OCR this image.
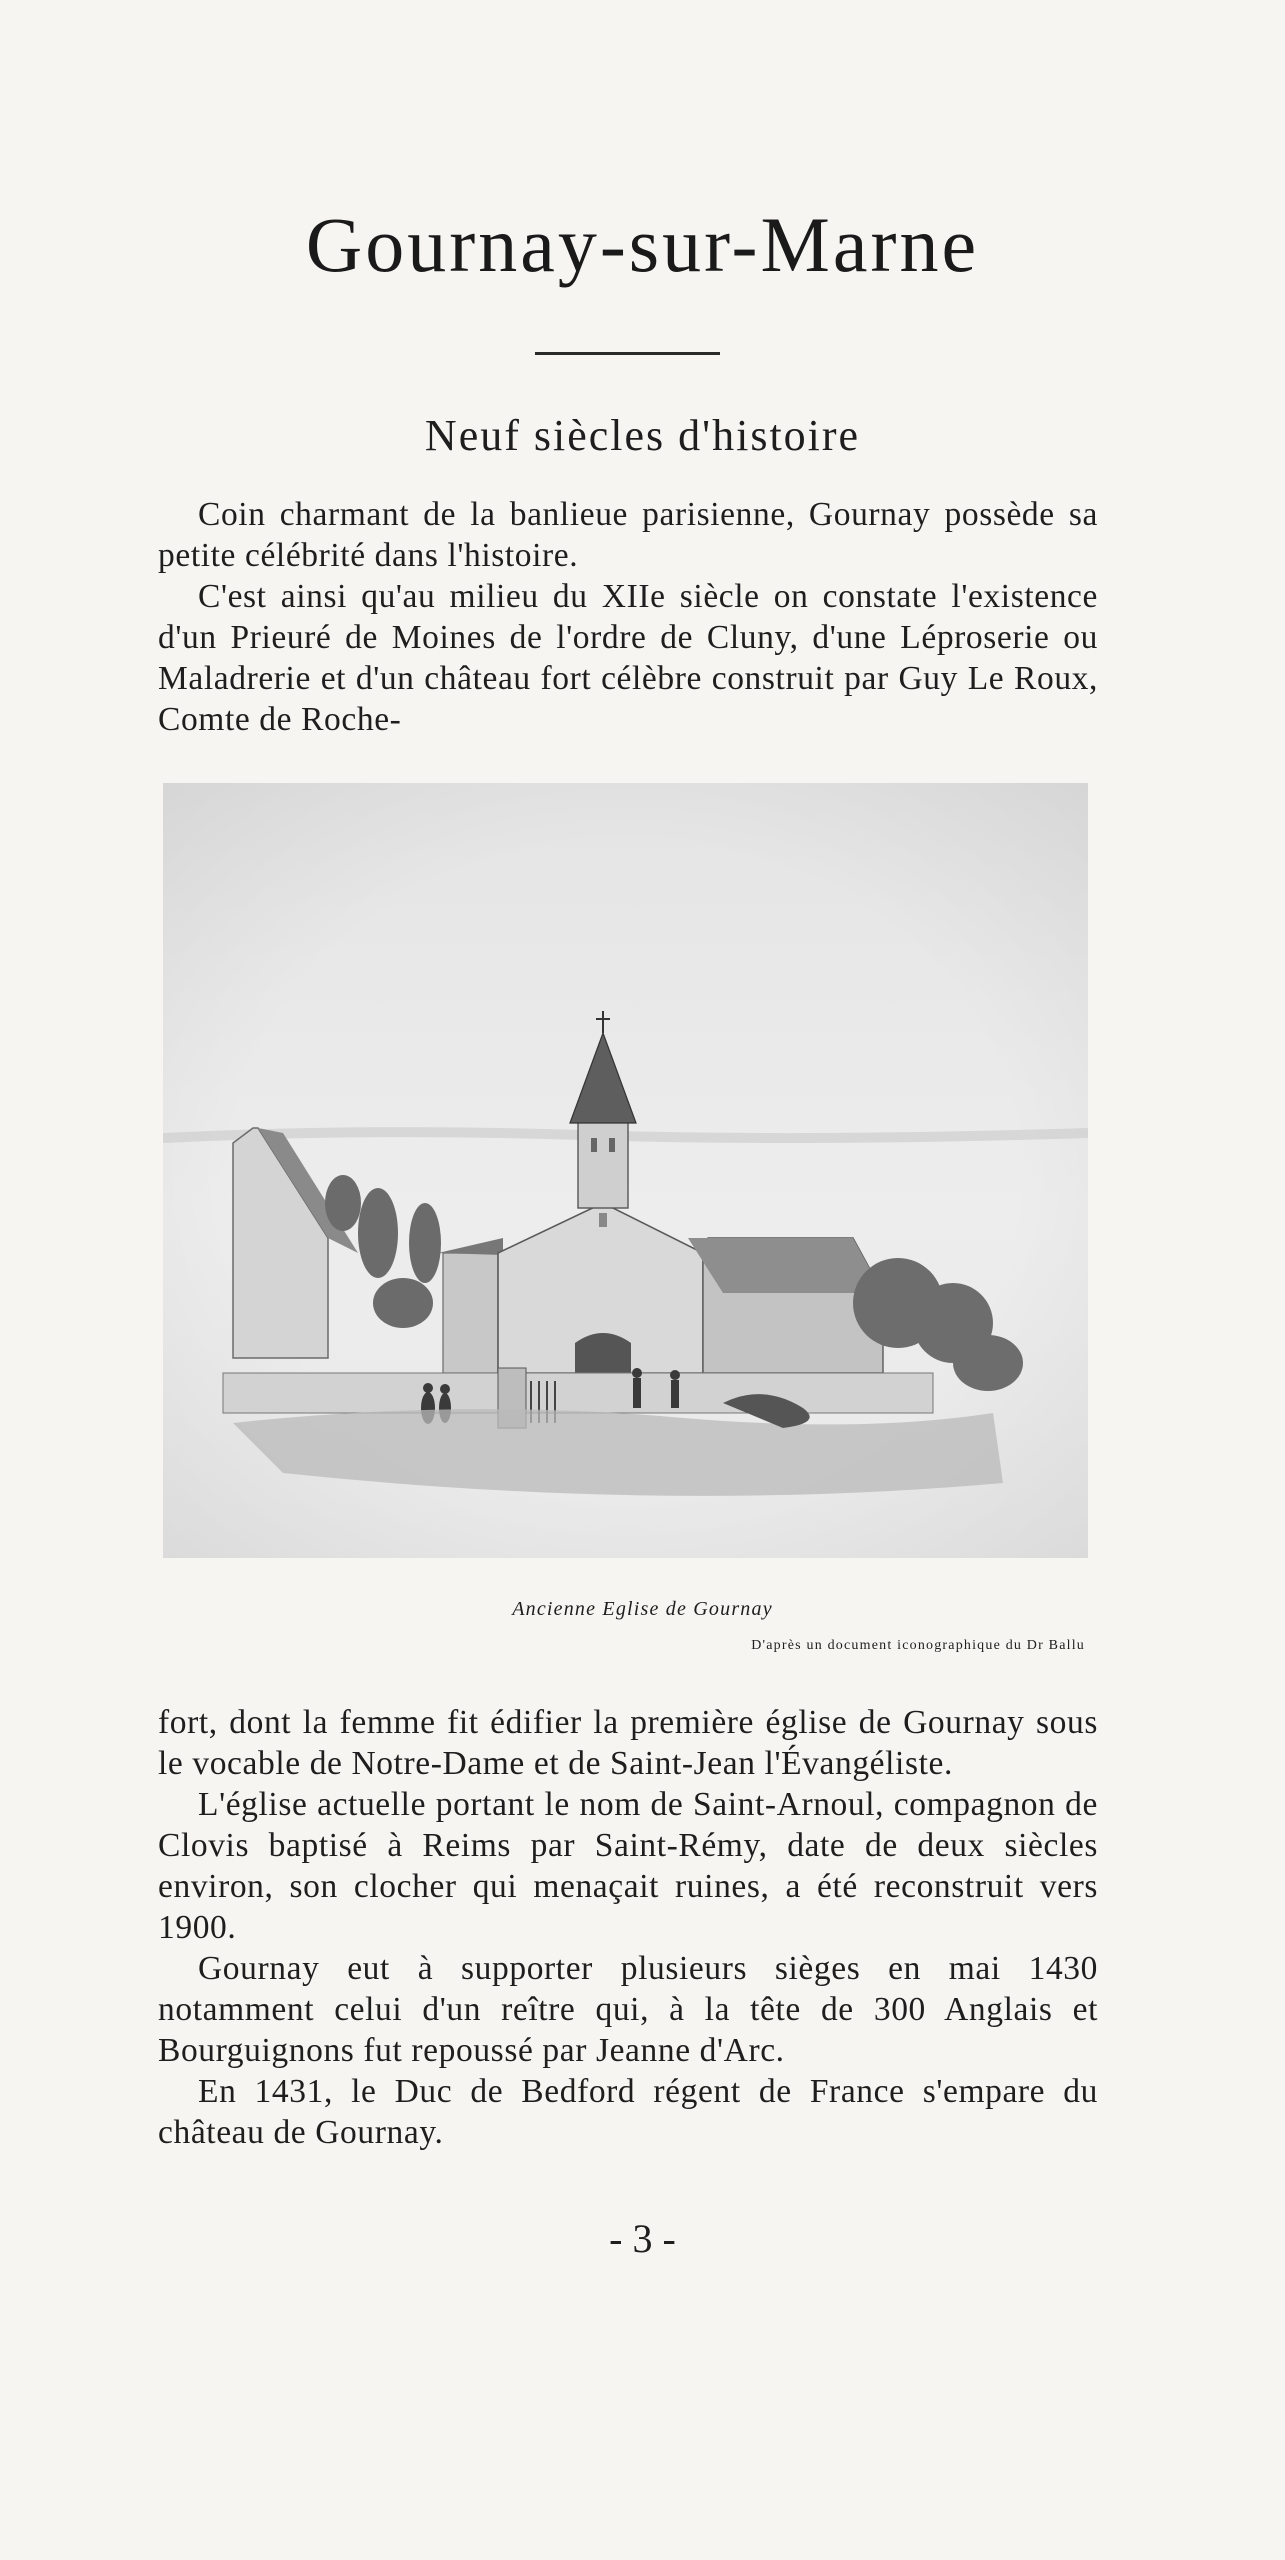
Gournay-sur-Marne
Neuf siècles d'histoire

Coin charmant de la banlieue parisienne, Gournay possède sa petite célébrité dans l'histoire.

C'est ainsi qu'au milieu du XIIe siècle on constate l'existence d'un Prieuré de Moines de l'ordre de Cluny, d'une Léproserie ou Maladrerie et d'un château fort célèbre construit par Guy Le Roux, Comte de Roche-

Ancienne Eglise de Gournay
D'après un document iconographique du Dr Ballu

fort, dont la femme fit édifier la première église de Gournay sous le vocable de Notre-Dame et de Saint-Jean l'Évangéliste.

L'église actuelle portant le nom de Saint-Arnoul, compagnon de Clovis baptisé à Reims par Saint-Rémy, date de deux siècles environ, son clocher qui menaçait ruines, a été reconstruit vers 1900.

Gournay eut à supporter plusieurs sièges en mai 1430 notamment celui d'un reître qui, à la tête de 300 Anglais et Bourguignons fut repoussé par Jeanne d'Arc.

En 1431, le Duc de Bedford régent de France s'empare du château de Gournay.

- 3 -
